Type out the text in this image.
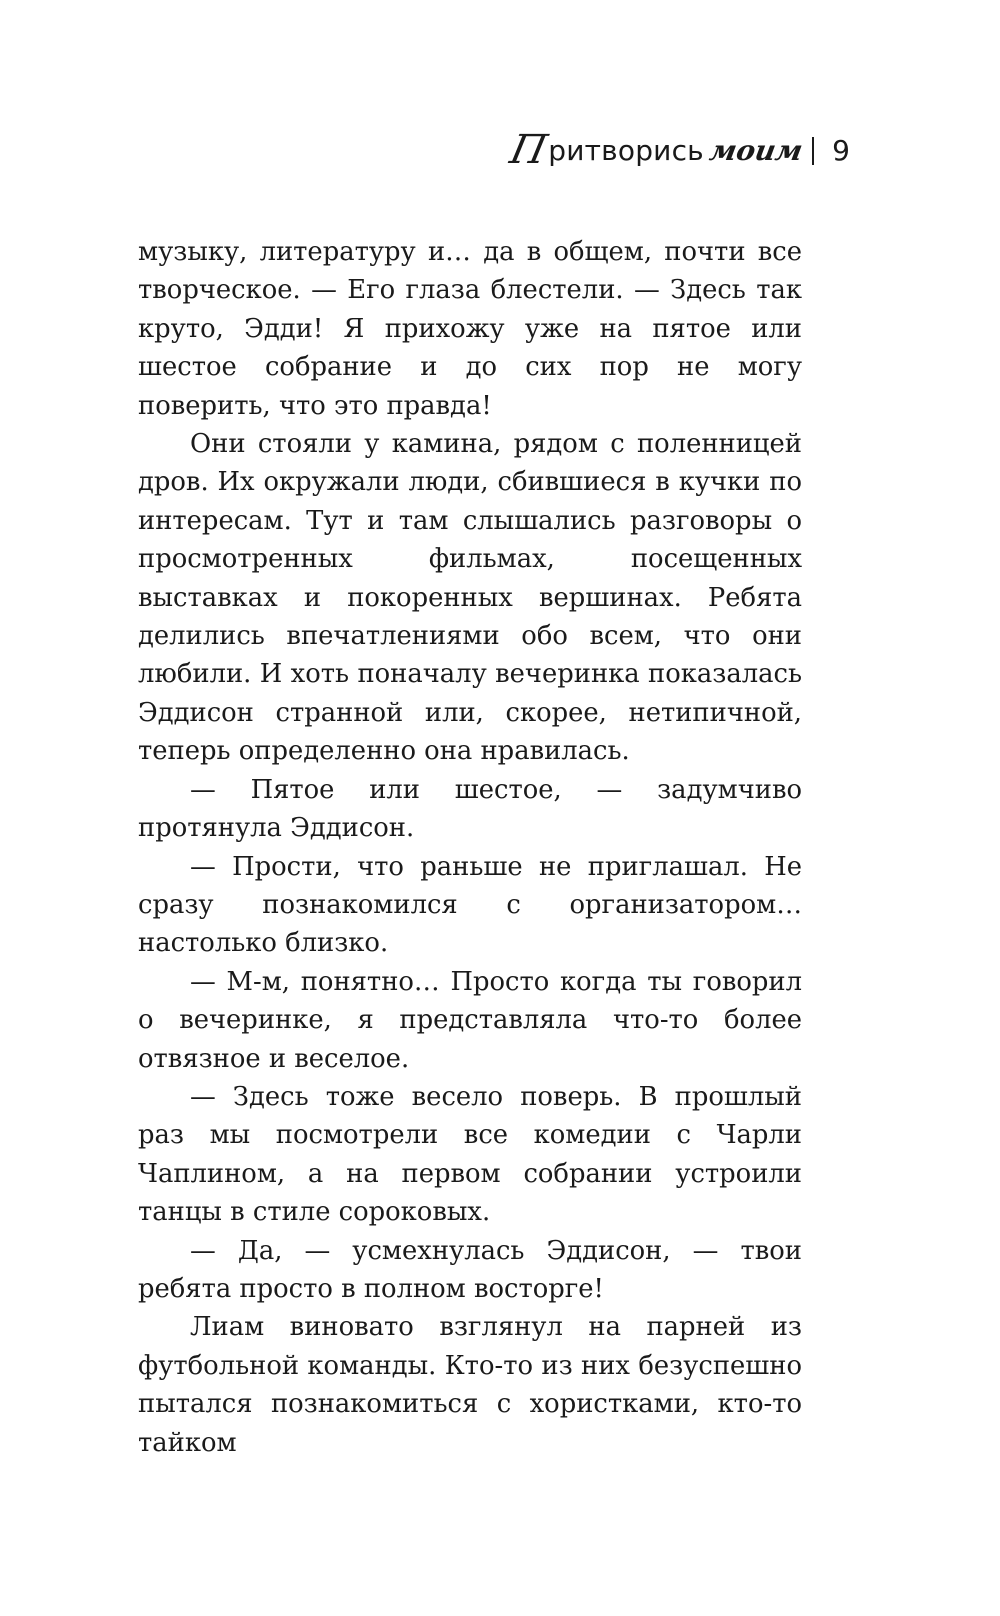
Притворись моим 9

музыку, литературу и… да в общем, почти все творческое. — Его глаза блестели. — Здесь так круто, Эдди! Я прихожу уже на пятое или шестое собрание и до сих пор не могу поверить, что это правда!

Они стояли у камина, рядом с поленницей дров. Их окружали люди, сбившиеся в кучки по интересам. Тут и там слышались разговоры о просмотренных фильмах, посещенных выставках и покоренных вершинах. Ребята делились впечатлениями обо всем, что они любили. И хоть поначалу вечеринка показалась Эддисон странной или, скорее, нетипичной, теперь определенно она нравилась.

— Пятое или шестое, — задумчиво протянула Эддисон.

— Прости, что раньше не приглашал. Не сразу познакомился с организатором… настолько близко.

— М-м, понятно… Просто когда ты говорил о вечеринке, я представляла что-то более отвязное и веселое.

— Здесь тоже весело поверь. В прошлый раз мы посмотрели все комедии с Чарли Чаплином, а на первом собрании устроили танцы в стиле сороковых.

— Да, — усмехнулась Эддисон, — твои ребята просто в полном восторге!

Лиам виновато взглянул на парней из футбольной команды. Кто-то из них безуспешно пытался познакомиться с хористками, кто-то тайком
